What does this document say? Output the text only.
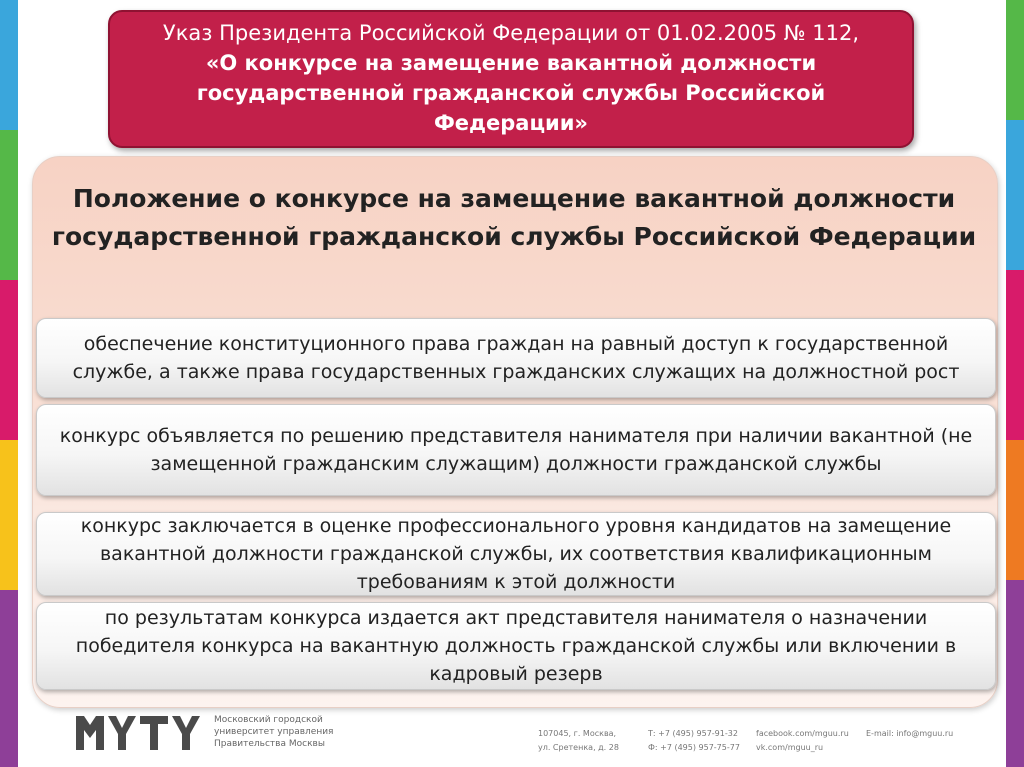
Указ Президента Российской Федерации от 01.02.2005 № 112,
«О конкурсе на замещение вакантной должности государственной гражданской службы Российской Федерации»
Положение о конкурсе на замещение вакантной должности государственной гражданской службы Российской Федерации
обеспечение конституционного права граждан на равный доступ к государственной службе, а также права государственных гражданских служащих на должностной рост
конкурс объявляется по решению представителя нанимателя при наличии вакантной (не замещенной гражданским служащим) должности гражданской службы
конкурс заключается в оценке профессионального уровня кандидатов на замещение вакантной должности гражданской службы, их соответствия квалификационным требованиям к этой должности
по результатам конкурса издается акт представителя нанимателя о назначении победителя конкурса на вакантную должность гражданской службы или включении в кадровый резерв
Московский городской
университет управления
Правительства Москвы
107045, г. Москва,
ул. Сретенка, д. 28
Т: +7 (495) 957-91-32
Ф: +7 (495) 957-75-77
facebook.com/mguu.ru
vk.com/mguu_ru
E-mail: info@mguu.ru
